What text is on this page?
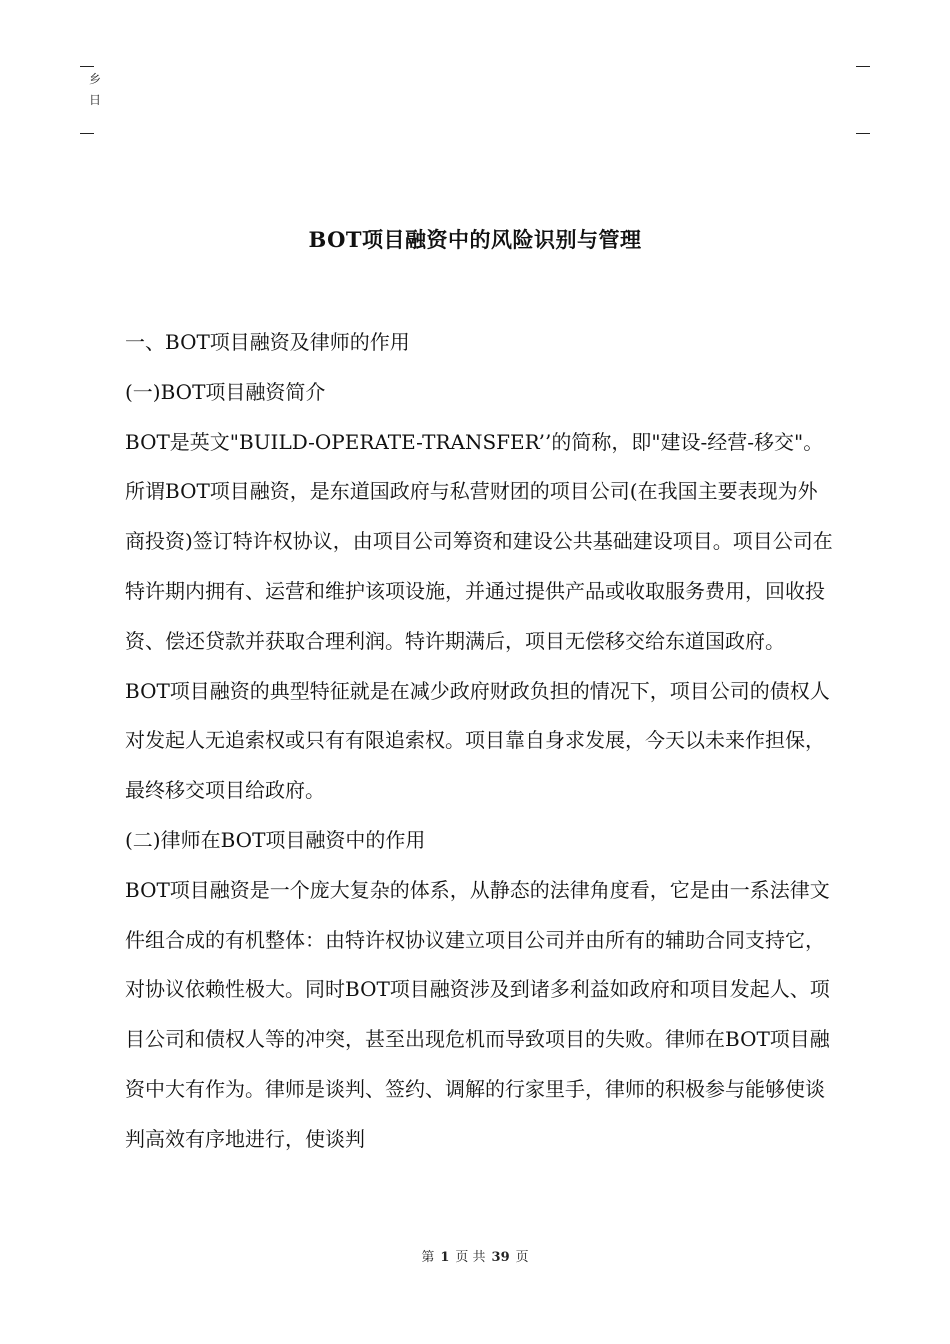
乡
日
BOT项目融资中的风险识别与管理

一、BOT项目融资及律师的作用

(一)BOT项目融资简介

BOT是英文"BUILD-OPERATE-TRANSFER’’的简称，即"建设-经营-移交"。所谓BOT项目融资，是东道国政府与私营财团的项目公司(在我国主要表现为外商投资)签订特许权协议，由项目公司筹资和建设公共基础建设项目。项目公司在特许期内拥有、运营和维护该项设施，并通过提供产品或收取服务费用，回收投资、偿还贷款并获取合理利润。特许期满后，项目无偿移交给东道国政府。

BOT项目融资的典型特征就是在减少政府财政负担的情况下，项目公司的债权人对发起人无追索权或只有有限追索权。项目靠自身求发展，今天以未来作担保，最终移交项目给政府。

(二)律师在BOT项目融资中的作用

BOT项目融资是一个庞大复杂的体系，从静态的法律角度看，它是由一系法律文件组合成的有机整体：由特许权协议建立项目公司并由所有的辅助合同支持它，对协议依赖性极大。同时BOT项目融资涉及到诸多利益如政府和项目发起人、项目公司和债权人等的冲突，甚至出现危机而导致项目的失败。律师在BOT项目融资中大有作为。律师是谈判、签约、调解的行家里手，律师的积极参与能够使谈判高效有序地进行，使谈判

第 1 页 共 39 页
